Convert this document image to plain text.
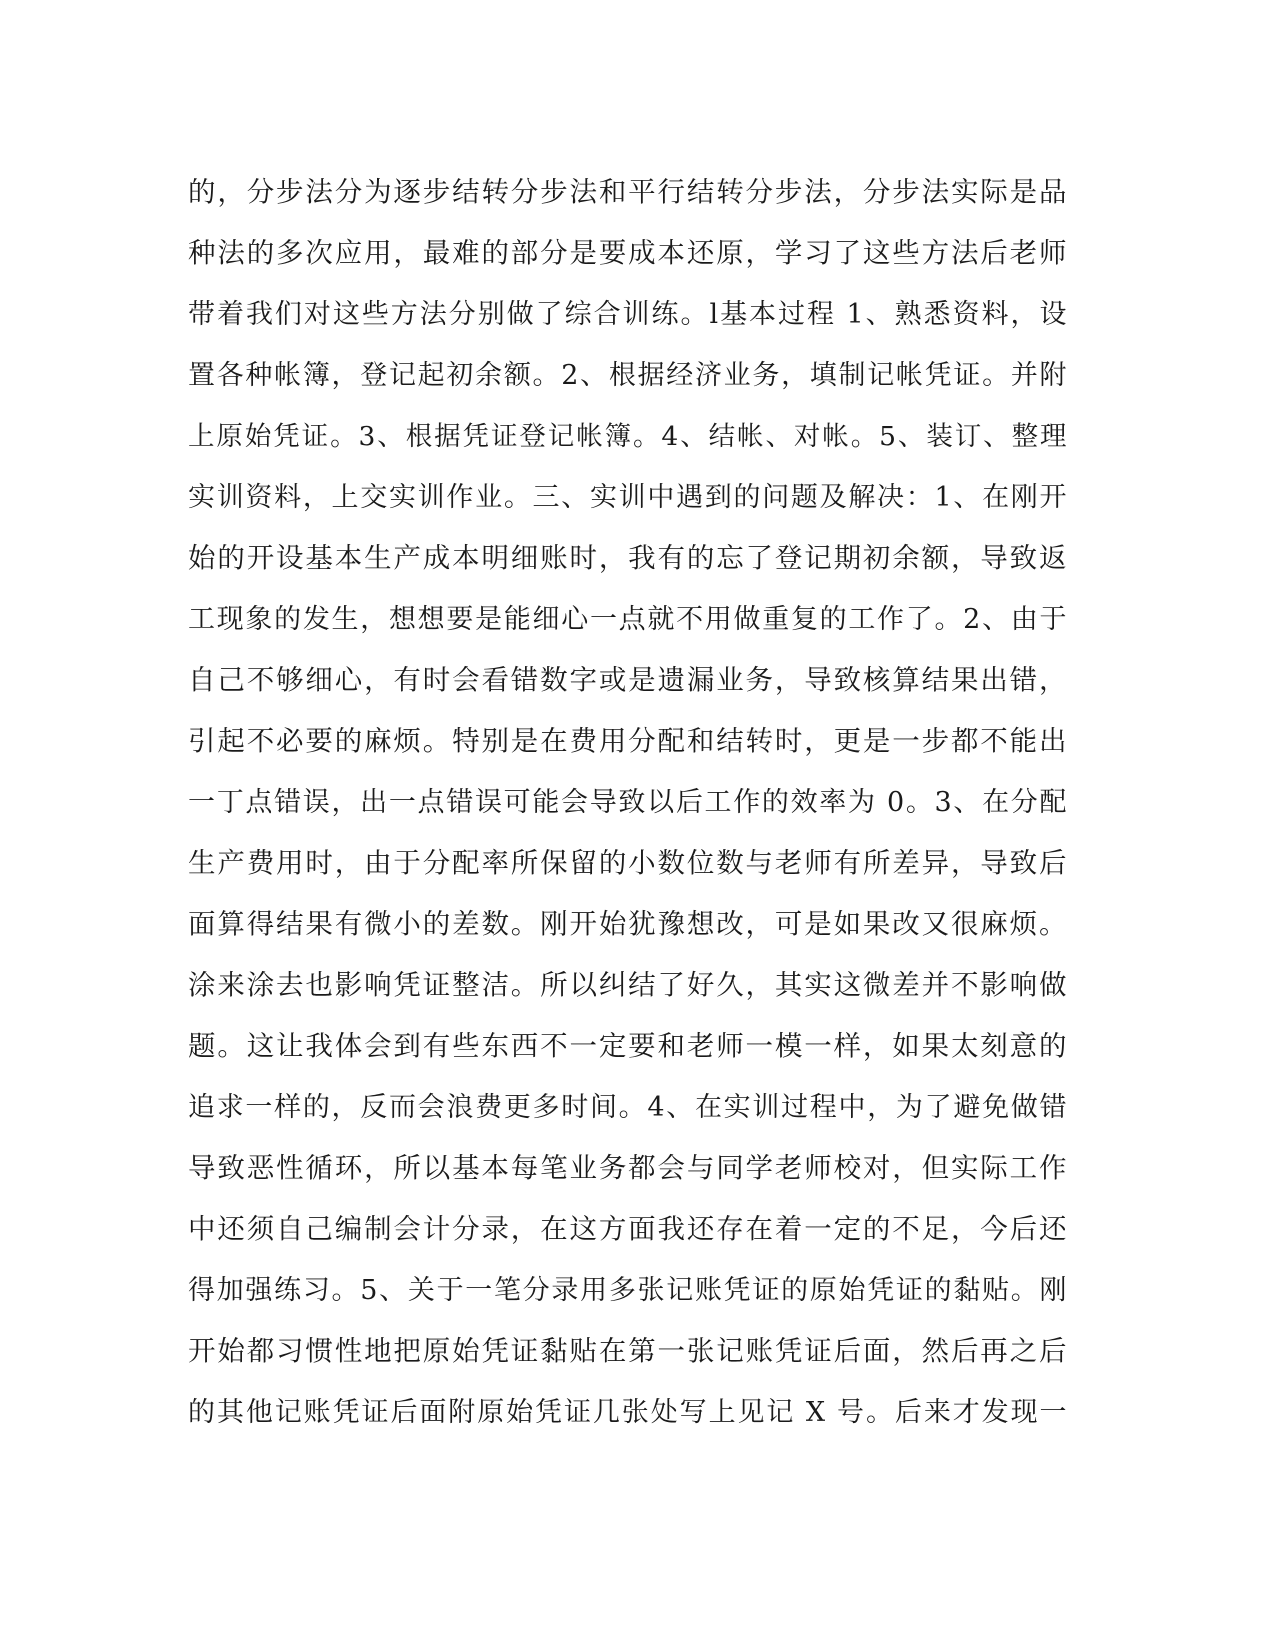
的，分步法分为逐步结转分步法和平行结转分步法，分步法实际是品
种法的多次应用，最难的部分是要成本还原，学习了这些方法后老师
带着我们对这些方法分别做了综合训练。l基本过程 1、熟悉资料，设
置各种帐簿，登记起初余额。2、根据经济业务，填制记帐凭证。并附
上原始凭证。3、根据凭证登记帐簿。4、结帐、对帐。5、装订、整理
实训资料，上交实训作业。三、实训中遇到的问题及解决：1、在刚开
始的开设基本生产成本明细账时，我有的忘了登记期初余额，导致返
工现象的发生，想想要是能细心一点就不用做重复的工作了。2、由于
自己不够细心，有时会看错数字或是遗漏业务，导致核算结果出错，
引起不必要的麻烦。特别是在费用分配和结转时，更是一步都不能出
一丁点错误，出一点错误可能会导致以后工作的效率为 0。3、在分配
生产费用时，由于分配率所保留的小数位数与老师有所差异，导致后
面算得结果有微小的差数。刚开始犹豫想改，可是如果改又很麻烦。
涂来涂去也影响凭证整洁。所以纠结了好久，其实这微差并不影响做
题。这让我体会到有些东西不一定要和老师一模一样，如果太刻意的
追求一样的，反而会浪费更多时间。4、在实训过程中，为了避免做错
导致恶性循环，所以基本每笔业务都会与同学老师校对，但实际工作
中还须自己编制会计分录，在这方面我还存在着一定的不足，今后还
得加强练习。5、关于一笔分录用多张记账凭证的原始凭证的黏贴。刚
开始都习惯性地把原始凭证黏贴在第一张记账凭证后面，然后再之后
的其他记账凭证后面附原始凭证几张处写上见记 X 号。后来才发现一
